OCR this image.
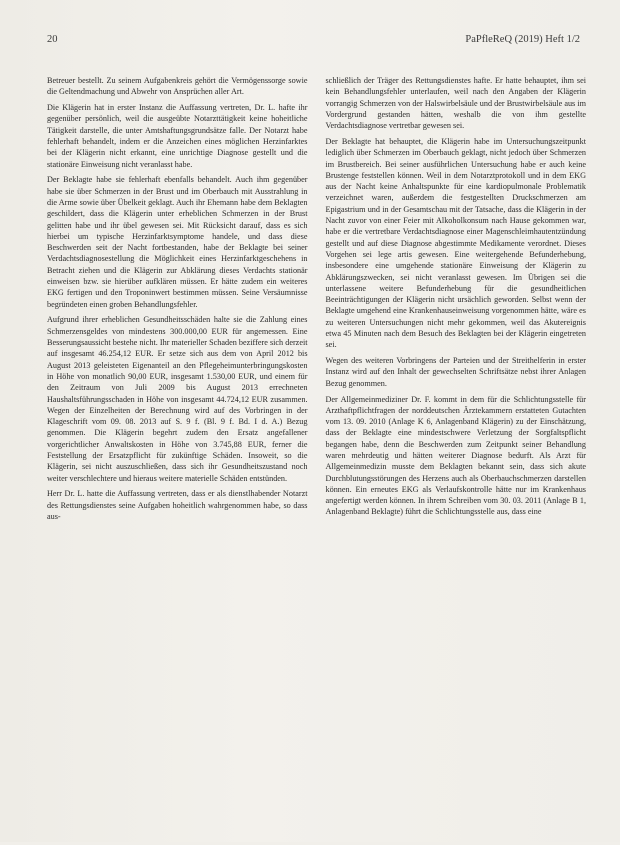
20	PaPfleReQ (2019) Heft 1/2

Betreuer bestellt. Zu seinem Aufgabenkreis gehört die Vermögenssorge sowie die Geltendmachung und Abwehr von Ansprüchen aller Art.

Die Klägerin hat in erster Instanz die Auffassung vertreten, Dr. L. hafte ihr gegenüber persönlich, weil die ausgeübte Notarzttätigkeit keine hoheitliche Tätigkeit darstelle, die unter Amtshaftungsgrundsätze falle. Der Notarzt habe fehlerhaft behandelt, indem er die Anzeichen eines möglichen Herzinfarktes bei der Klägerin nicht erkannt, eine unrichtige Diagnose gestellt und die stationäre Einweisung nicht veranlasst habe.

Der Beklagte habe sie fehlerhaft ebenfalls behandelt. Auch ihm gegenüber habe sie über Schmerzen in der Brust und im Oberbauch mit Ausstrahlung in die Arme sowie über Übelkeit geklagt. Auch ihr Ehemann habe dem Beklagten geschildert, dass die Klägerin unter erheblichen Schmerzen in der Brust gelitten habe und ihr übel gewesen sei. Mit Rücksicht darauf, dass es sich hierbei um typische Herzinfarktsymptome handele, und dass diese Beschwerden seit der Nacht fortbestanden, habe der Beklagte bei seiner Verdachtsdiagnosestellung die Möglichkeit eines Herzinfarktgeschehens in Betracht ziehen und die Klägerin zur Abklärung dieses Verdachts stationär einweisen bzw. sie hierüber aufklären müssen. Er hätte zudem ein weiteres EKG fertigen und den Troponinwert bestimmen müssen. Seine Versäumnisse begründeten einen groben Behandlungsfehler.

Aufgrund ihrer erheblichen Gesundheitsschäden halte sie die Zahlung eines Schmerzensgeldes von mindestens 300.000,00 EUR für angemessen. Eine Besserungsaussicht bestehe nicht. Ihr materieller Schaden beziffere sich derzeit auf insgesamt 46.254,12 EUR. Er setze sich aus dem von April 2012 bis August 2013 geleisteten Eigenanteil an den Pflegeheimunterbringungskosten in Höhe von monatlich 90,00 EUR, insgesamt 1.530,00 EUR, und einem für den Zeitraum von Juli 2009 bis August 2013 errechneten Haushaltsführungsschaden in Höhe von insgesamt 44.724,12 EUR zusammen. Wegen der Einzelheiten der Berechnung wird auf des Vorbringen in der Klageschrift vom 09. 08. 2013 auf S. 9 f. (Bl. 9 f. Bd. I d. A.) Bezug genommen. Die Klägerin begehrt zudem den Ersatz angefallener vorgerichtlicher Anwaltskosten in Höhe von 3.745,88 EUR, ferner die Feststellung der Ersatzpflicht für zukünftige Schäden. Insoweit, so die Klägerin, sei nicht auszuschließen, dass sich ihr Gesundheitszustand noch weiter verschlechtere und hieraus weitere materielle Schäden entstünden.

Herr Dr. L. hatte die Auffassung vertreten, dass er als dienstlhabender Notarzt des Rettungsdienstes seine Aufgaben hoheitlich wahrgenommen habe, so dass aus-

schließlich der Träger des Rettungsdienstes hafte. Er hatte behauptet, ihm sei kein Behandlungsfehler unterlaufen, weil nach den Angaben der Klägerin vorrangig Schmerzen von der Halswirbelsäule und der Brustwirbelsäule aus im Vordergrund gestanden hätten, weshalb die von ihm gestellte Verdachtsdiagnose vertretbar gewesen sei.

Der Beklagte hat behauptet, die Klägerin habe im Untersuchungszeitpunkt lediglich über Schmerzen im Oberbauch geklagt, nicht jedoch über Schmerzen im Brustbereich. Bei seiner ausführlichen Untersuchung habe er auch keine Brustenge feststellen können. Weil in dem Notarztprotokoll und in dem EKG aus der Nacht keine Anhaltspunkte für eine kardiopulmonale Problematik verzeichnet waren, außerdem die festgestellten Druckschmerzen am Epigastrium und in der Gesamtschau mit der Tatsache, dass die Klägerin in der Nacht zuvor von einer Feier mit Alkoholkonsum nach Hause gekommen war, habe er die vertretbare Verdachtsdiagnose einer Magenschleimhautentzündung gestellt und auf diese Diagnose abgestimmte Medikamente verordnet. Dieses Vorgehen sei lege artis gewesen. Eine weitergehende Befunderhebung, insbesondere eine umgehende stationäre Einweisung der Klägerin zu Abklärungszwecken, sei nicht veranlasst gewesen. Im Übrigen sei die unterlassene weitere Befunderhebung für die gesundheitlichen Beeinträchtigungen der Klägerin nicht ursächlich geworden. Selbst wenn der Beklagte umgehend eine Krankenhauseinweisung vorgenommen hätte, wäre es zu weiteren Untersuchungen nicht mehr gekommen, weil das Akutereignis etwa 45 Minuten nach dem Besuch des Beklagten bei der Klägerin eingetreten sei.

Wegen des weiteren Vorbringens der Parteien und der Streithelferin in erster Instanz wird auf den Inhalt der gewechselten Schriftsätze nebst ihrer Anlagen Bezug genommen.

Der Allgemeinmediziner Dr. F. kommt in dem für die Schlichtungsstelle für Arzthaftpflichtfragen der norddeutschen Ärztekammern erstatteten Gutachten vom 13. 09. 2010 (Anlage K 6, Anlagenband Klägerin) zu der Einschätzung, dass der Beklagte eine mindestschwere Verletzung der Sorgfaltspflicht begangen habe, denn die Beschwerden zum Zeitpunkt seiner Behandlung waren mehrdeutig und hätten weiterer Diagnose bedurft. Als Arzt für Allgemeinmedizin musste dem Beklagten bekannt sein, dass sich akute Durchblutungsstörungen des Herzens auch als Oberbauchschmerzen darstellen können. Ein erneutes EKG als Verlaufskontrolle hätte nur im Krankenhaus angefertigt werden können. In ihrem Schreiben vom 30. 03. 2011 (Anlage B 1, Anlagenband Beklagte) führt die Schlichtungsstelle aus, dass eine
